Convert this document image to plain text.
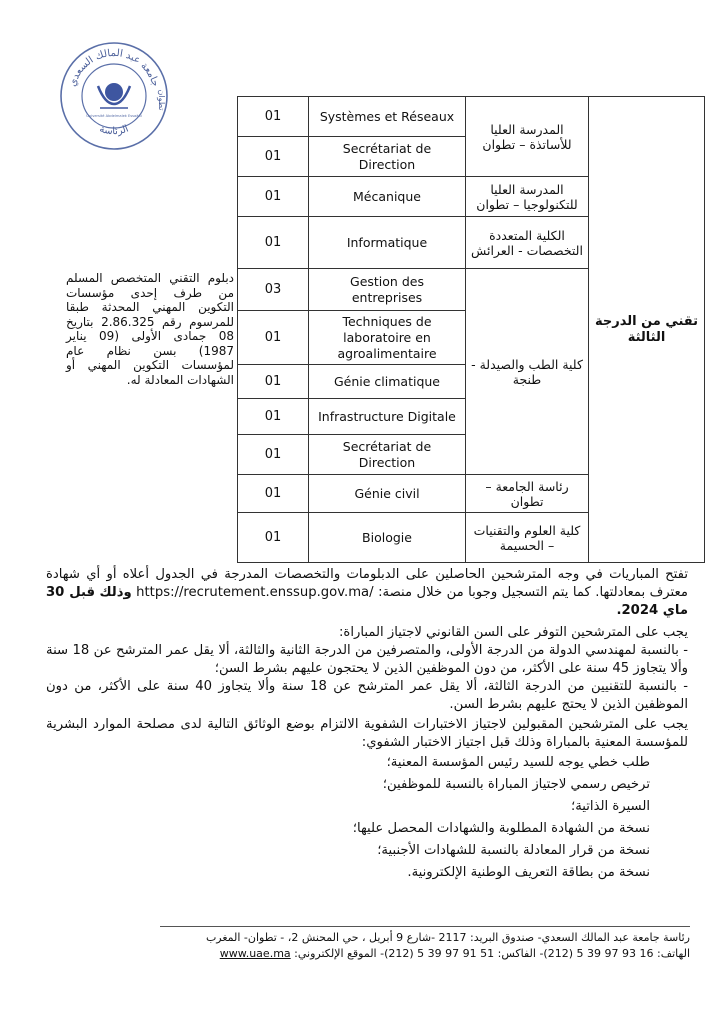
جامعة عبد المالك السعدي
الرئاسة
Université Abdelmalek Essaâdi
تطوان
01	Systèmes et Réseaux	المدرسة العليا للأساتذة – تطوان	تقني من الدرجة الثالثة
01	Secrétariat de Direction		
01	Mécanique	المدرسة العليا للتكنولوجيا – تطوان	
01	Informatique	الكلية المتعددة التخصصات - العرائش	
03	Gestion des entreprises	كلية الطب والصيدلة - طنجة	
01	Techniques de laboratoire en agroalimentaire		
01	Génie climatique		
01	Infrastructure Digitale		
01	Secrétariat de Direction		
01	Génie civil	رئاسة الجامعة – تطوان	
01	Biologie	كلية العلوم والتقنيات – الحسيمة	
دبلوم التقني المتخصص المسلم من طرف إحدى مؤسسات التكوين المهني المحدثة طبقا للمرسوم رقم 2.86.325 بتاريخ 08 جمادى الأولى (09 يناير 1987) بسن نظام عام لمؤسسات التكوين المهني أو الشهادات المعادلة له.

تفتح المباريات في وجه المترشحين الحاصلين على الدبلومات والتخصصات المدرجة في الجدول أعلاه أو أي شهادة معترف بمعادلتها. كما يتم التسجيل وجوبا من خلال منصة: https://recrutement.enssup.gov.ma/ وذلك قبل 30 ماي 2024.

يجب على المترشحين التوفر على السن القانوني لاجتياز المباراة:

- بالنسبة لمهندسي الدولة من الدرجة الأولى، والمتصرفين من الدرجة الثانية والثالثة، ألا يقل عمر المترشح عن 18 سنة وألا يتجاوز 45 سنة على الأكثر، من دون الموظفين الذين لا يحتجون عليهم بشرط السن؛

- بالنسبة للتقنيين من الدرجة الثالثة، ألا يقل عمر المترشح عن 18 سنة وألا يتجاوز 40 سنة على الأكثر، من دون الموظفين الذين لا يحتج عليهم بشرط السن.

يجب على المترشحين المقبولين لاجتياز الاختبارات الشفوية الالتزام بوضع الوثائق التالية لدى مصلحة الموارد البشرية للمؤسسة المعنية بالمباراة وذلك قبل اجتياز الاختبار الشفوي:

• طلب خطي يوجه للسيد رئيس المؤسسة المعنية؛
• ترخيص رسمي لاجتياز المباراة بالنسبة للموظفين؛
• السيرة الذاتية؛
• نسخة من الشهادة المطلوبة والشهادات المحصل عليها؛
• نسخة من قرار المعادلة بالنسبة للشهادات الأجنبية؛
• نسخة من بطاقة التعريف الوطنية الإلكترونية.
رئاسة جامعة عبد المالك السعدي- صندوق البريد: 2117 -شارع 9 أبريل ، حي المحنش 2، - تطوان- المغرب
الهاتف: 16 93 97 39 5 (212)- الفاكس: 51 91 97 39 5 (212)- الموقع الإلكتروني: www.uae.ma
